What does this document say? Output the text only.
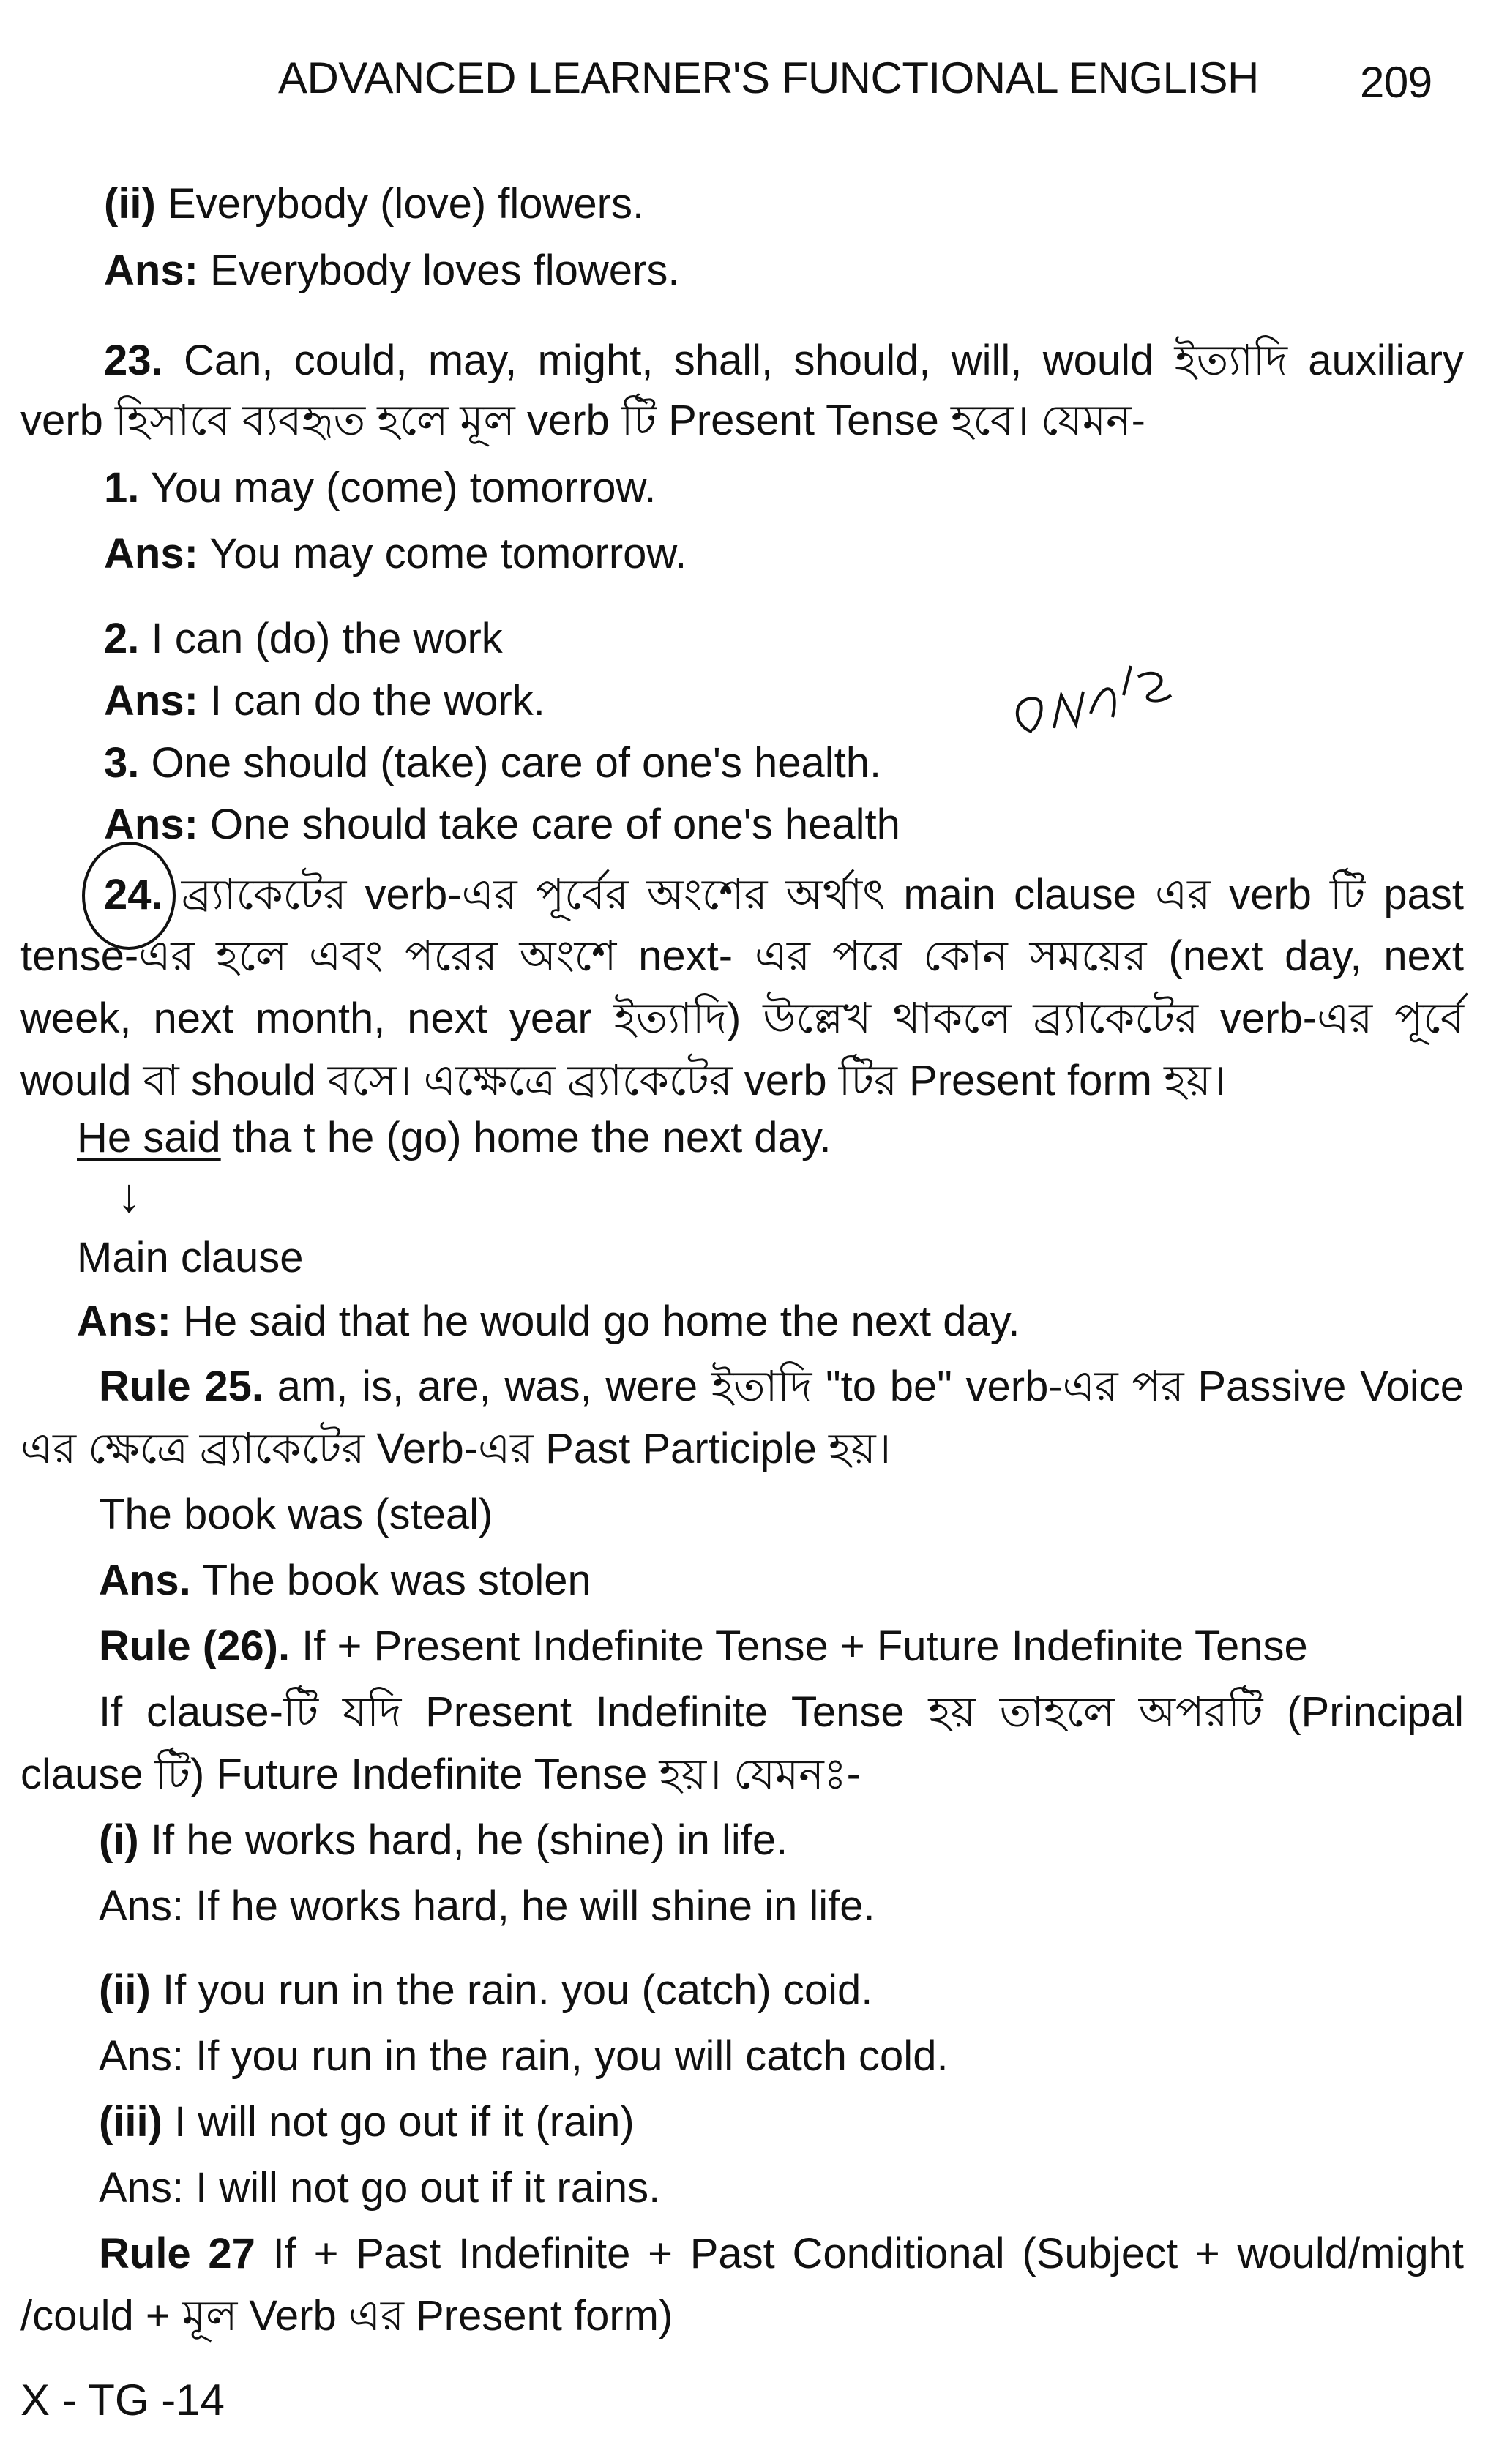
ADVANCED LEARNER'S FUNCTIONAL ENGLISH 209
(ii) Everybody (love) flowers.
Ans: Everybody loves flowers.
23. Can, could, may, might, shall, should, will, would ইত্যাদি auxiliary
verb হিসাবে ব্যবহৃত হলে মূল verb টি Present Tense হবে। যেমন-
1. You may (come) tomorrow.
Ans: You may come tomorrow.
2. I can (do) the work
Ans: I can do the work.
3. One should (take) care of one's health.
Ans: One should take care of one's health
24. ব্র্যাকেটের verb-এর পূর্বের অংশের অর্থাৎ main clause এর verb টি past
tense-এর হলে এবং পরের অংশে next- এর পরে কোন সময়ের (next day, next
week, next month, next year ইত্যাদি) উল্লেখ থাকলে ব্র্যাকেটের verb-এর পূর্বে
would বা should বসে। এক্ষেত্রে ব্র্যাকেটের verb টির Present form হয়।
He said tha t he (go) home the next day.
↓
Main clause
Ans: He said that he would go home the next day.
Rule 25. am, is, are, was, were ইতাদি "to be" verb-এর পর Passive Voice
এর ক্ষেত্রে ব্র্যাকেটের Verb-এর Past Participle হয়।
The book was (steal)
Ans. The book was stolen
Rule (26). If + Present Indefinite Tense + Future Indefinite Tense
If clause-টি যদি Present Indefinite Tense হয় তাহলে অপরটি (Principal
clause টি) Future Indefinite Tense হয়। যেমনঃ-
(i) If he works hard, he (shine) in life.
Ans: If he works hard, he will shine in life.
(ii) If you run in the rain. you (catch) coid.
Ans: If you run in the rain, you will catch cold.
(iii) I will not go out if it (rain)
Ans: I will not go out if it rains.
Rule 27 If + Past Indefinite + Past Conditional (Subject + would/might
/could + মূল Verb এর Present form)
X - TG -14
